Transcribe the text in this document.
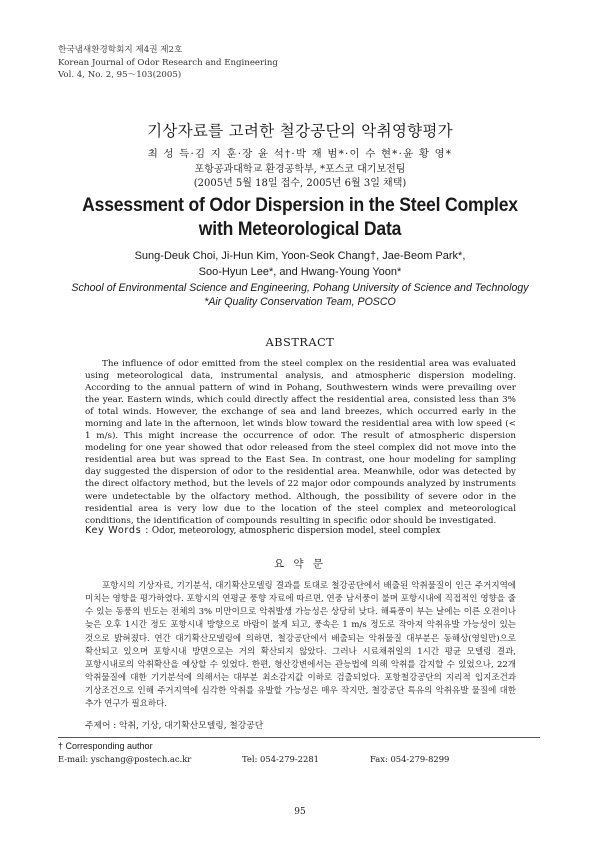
한국냄새환경학회지 제4권 제2호
Korean Journal of Odor Research and Engineering
Vol. 4, No. 2, 95～103(2005)
기상자료를 고려한 철강공단의 악취영향평가
최 성 득·김 지 훈·장 윤 석†·박 재 범*·이 수 현*·윤 황 영*
포항공과대학교 환경공학부, *포스코 대기보전팀
(2005년 5월 18일 접수, 2005년 6월 3일 채택)
Assessment of Odor Dispersion in the Steel Complex with Meteorological Data
Sung-Deuk Choi, Ji-Hun Kim, Yoon-Seok Chang†, Jae-Beom Park*,
Soo-Hyun Lee*, and Hwang-Young Yoon*
School of Environmental Science and Engineering, Pohang University of Science and Technology
*Air Quality Conservation Team, POSCO
ABSTRACT
The influence of odor emitted from the steel complex on the residential area was evaluated using meteorological data, instrumental analysis, and atmospheric dispersion modeling. According to the annual pattern of wind in Pohang, Southwestern winds were prevailing over the year. Eastern winds, which could directly affect the residential area, consisted less than 3% of total winds. However, the exchange of sea and land breezes, which occurred early in the morning and late in the afternoon, let winds blow toward the residential area with low speed (< 1 m/s). This might increase the occurrence of odor. The result of atmospheric dispersion modeling for one year showed that odor released from the steel complex did not move into the residential area but was spread to the East Sea. In contrast, one hour modeling for sampling day suggested the dispersion of odor to the residential area. Meanwhile, odor was detected by the direct olfactory method, but the levels of 22 major odor compounds analyzed by instruments were undetectable by the olfactory method. Although, the possibility of severe odor in the residential area is very low due to the location of the steel complex and meteorological conditions, the identification of compounds resulting in specific odor should be investigated.
Key Words : Odor, meteorology, atmospheric dispersion model, steel complex
요 약 문
포항시의 기상자료, 기기분석, 대기확산모델링 결과를 토대로 철강공단에서 배출된 악취물질이 인근 주거지역에 미치는 영향을 평가하였다. 포항시의 연평균 풍향 자료에 따르면, 연중 남서풍이 불며 포항시내에 직접적인 영향을 줄 수 있는 동풍의 빈도는 전체의 3% 미만이므로 악취발생 가능성은 상당히 낮다. 해륙풍이 부는 날에는 이른 오전이나 늦은 오후 1시간 정도 포항시내 방향으로 바람이 불게 되고, 풍속은 1 m/s 정도로 작아져 악취유발 가능성이 있는 것으로 밝혀졌다. 연간 대기확산모델링에 의하면, 철강공단에서 배출되는 악취물질 대부분은 동해상(영일만)으로 확산되고 있으며 포항시내 방면으로는 거의 확산되지 않았다. 그러나 시료채취일의 1시간 평균 모델링 결과, 포항시내로의 악취확산을 예상할 수 있었다. 한편, 형산강변에서는 관능법에 의해 악취를 감지할 수 있었으나, 22개 악취물질에 대한 기기분석에 의해서는 대부분 최소감지값 이하로 검출되었다. 포항철강공단의 지리적 입지조건과 기상조건으로 인해 주거지역에 심각한 악취를 유발할 가능성은 매우 작지만, 철강공단 특유의 악취유발 물질에 대한 추가 연구가 필요하다.
주제어 : 악취, 기상, 대기확산모델링, 철강공단
† Corresponding author
E-mail: yschang@postech.ac.kr	Tel: 054-279-2281	Fax: 054-279-8299
95
